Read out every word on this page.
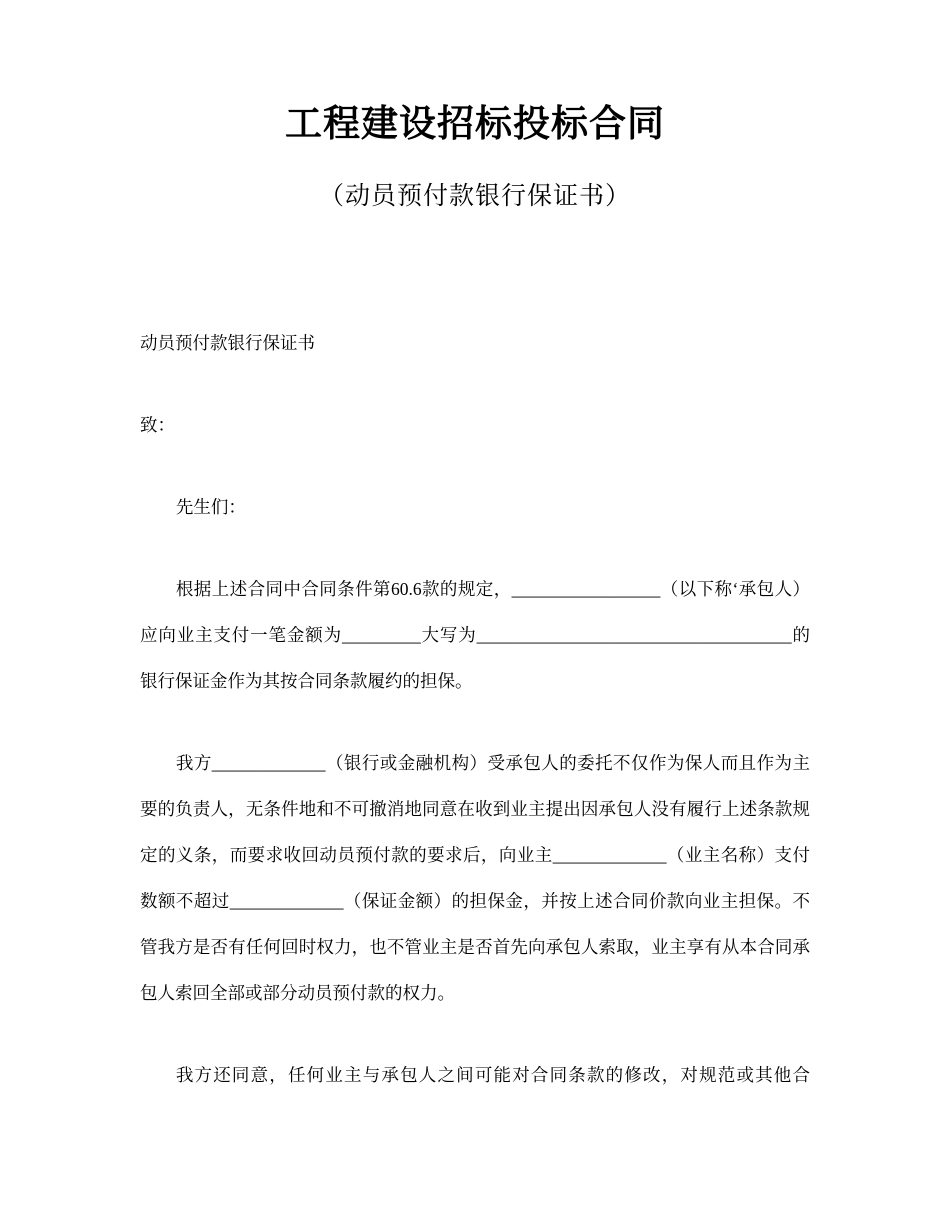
工程建设招标投标合同
（动员预付款银行保证书）
动员预付款银行保证书
致：
先生们：

根据上述合同中合同条件第60.6款的规定，_________________（以下称‘承包人）应向业主支付一笔金额为_________大写为____________________________________的银行保证金作为其按合同条款履约的担保。

我方_____________（银行或金融机构）受承包人的委托不仅作为保人而且作为主要的负责人，无条件地和不可撤消地同意在收到业主提出因承包人没有履行上述条款规定的义条，而要求收回动员预付款的要求后，向业主_____________（业主名称）支付数额不超过_____________（保证金额）的担保金，并按上述合同价款向业主担保。不管我方是否有任何回时权力，也不管业主是否首先向承包人索取，业主享有从本合同承包人索回全部或部分动员预付款的权力。

我方还同意，任何业主与承包人之间可能对合同条款的修改，对规范或其他合
